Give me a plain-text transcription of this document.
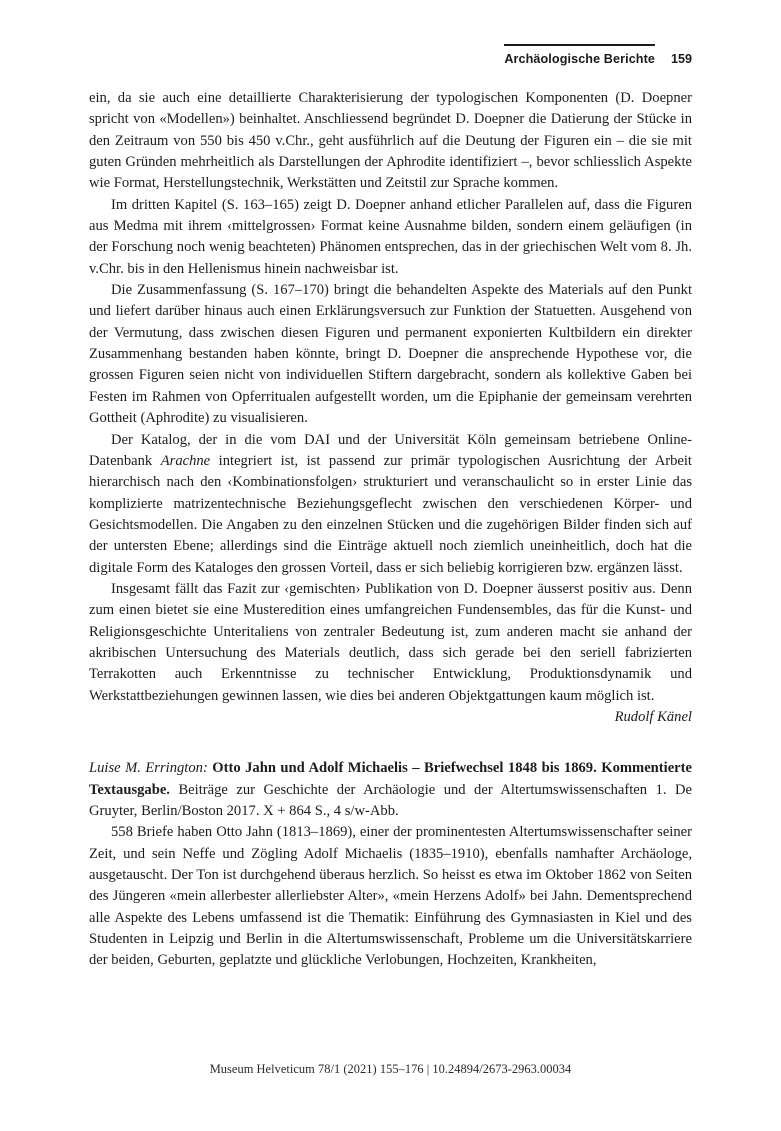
Archäologische Berichte 159

ein, da sie auch eine detaillierte Charakterisierung der typologischen Komponenten (D. Doepner spricht von «Modellen») beinhaltet. Anschliessend begründet D. Doepner die Datierung der Stücke in den Zeitraum von 550 bis 450 v.Chr., geht ausführlich auf die Deutung der Figuren ein – die sie mit guten Gründen mehrheitlich als Darstellungen der Aphrodite identifiziert –, bevor schliesslich Aspekte wie Format, Herstellungstechnik, Werkstätten und Zeitstil zur Sprache kommen.

Im dritten Kapitel (S. 163–165) zeigt D. Doepner anhand etlicher Parallelen auf, dass die Figuren aus Medma mit ihrem ‹mittelgrossen› Format keine Ausnahme bilden, sondern einem geläufigen (in der Forschung noch wenig beachteten) Phänomen entsprechen, das in der griechischen Welt vom 8. Jh. v.Chr. bis in den Hellenismus hinein nachweisbar ist.

Die Zusammenfassung (S. 167–170) bringt die behandelten Aspekte des Materials auf den Punkt und liefert darüber hinaus auch einen Erklärungsversuch zur Funktion der Statuetten. Ausgehend von der Vermutung, dass zwischen diesen Figuren und permanent exponierten Kultbildern ein direkter Zusammenhang bestanden haben könnte, bringt D. Doepner die ansprechende Hypothese vor, die grossen Figuren seien nicht von individuellen Stiftern dargebracht, sondern als kollektive Gaben bei Festen im Rahmen von Opferritualen aufgestellt worden, um die Epiphanie der gemeinsam verehrten Gottheit (Aphrodite) zu visualisieren.

Der Katalog, der in die vom DAI und der Universität Köln gemeinsam betriebene Online-Datenbank Arachne integriert ist, ist passend zur primär typologischen Ausrichtung der Arbeit hierarchisch nach den ‹Kombinationsfolgen› strukturiert und veranschaulicht so in erster Linie das komplizierte matrizentechnische Beziehungsgeflecht zwischen den verschiedenen Körper- und Gesichtsmodellen. Die Angaben zu den einzelnen Stücken und die zugehörigen Bilder finden sich auf der untersten Ebene; allerdings sind die Einträge aktuell noch ziemlich uneinheitlich, doch hat die digitale Form des Kataloges den grossen Vorteil, dass er sich beliebig korrigieren bzw. ergänzen lässt.

Insgesamt fällt das Fazit zur ‹gemischten› Publikation von D. Doepner äusserst positiv aus. Denn zum einen bietet sie eine Musteredition eines umfangreichen Fundensembles, das für die Kunst- und Religionsgeschichte Unteritaliens von zentraler Bedeutung ist, zum anderen macht sie anhand der akribischen Untersuchung des Materials deutlich, dass sich gerade bei den seriell fabrizierten Terrakotten auch Erkenntnisse zu technischer Entwicklung, Produktionsdynamik und Werkstattbeziehungen gewinnen lassen, wie dies bei anderen Objektgattungen kaum möglich ist.

Rudolf Känel

Luise M. Errington: Otto Jahn und Adolf Michaelis – Briefwechsel 1848 bis 1869. Kommentierte Textausgabe. Beiträge zur Geschichte der Archäologie und der Altertumswissenschaften 1. De Gruyter, Berlin/Boston 2017. X + 864 S., 4 s/w-Abb.

558 Briefe haben Otto Jahn (1813–1869), einer der prominentesten Altertumswissenschafter seiner Zeit, und sein Neffe und Zögling Adolf Michaelis (1835–1910), ebenfalls namhafter Archäologe, ausgetauscht. Der Ton ist durchgehend überaus herzlich. So heisst es etwa im Oktober 1862 von Seiten des Jüngeren «mein allerbester allerliebster Alter», «mein Herzens Adolf» bei Jahn. Dementsprechend alle Aspekte des Lebens umfassend ist die Thematik: Einführung des Gymnasiasten in Kiel und des Studenten in Leipzig und Berlin in die Altertumswissenschaft, Probleme um die Universitätskarriere der beiden, Geburten, geplatzte und glückliche Verlobungen, Hochzeiten, Krankheiten,

Museum Helveticum 78/1 (2021) 155–176 | 10.24894/2673-2963.00034
